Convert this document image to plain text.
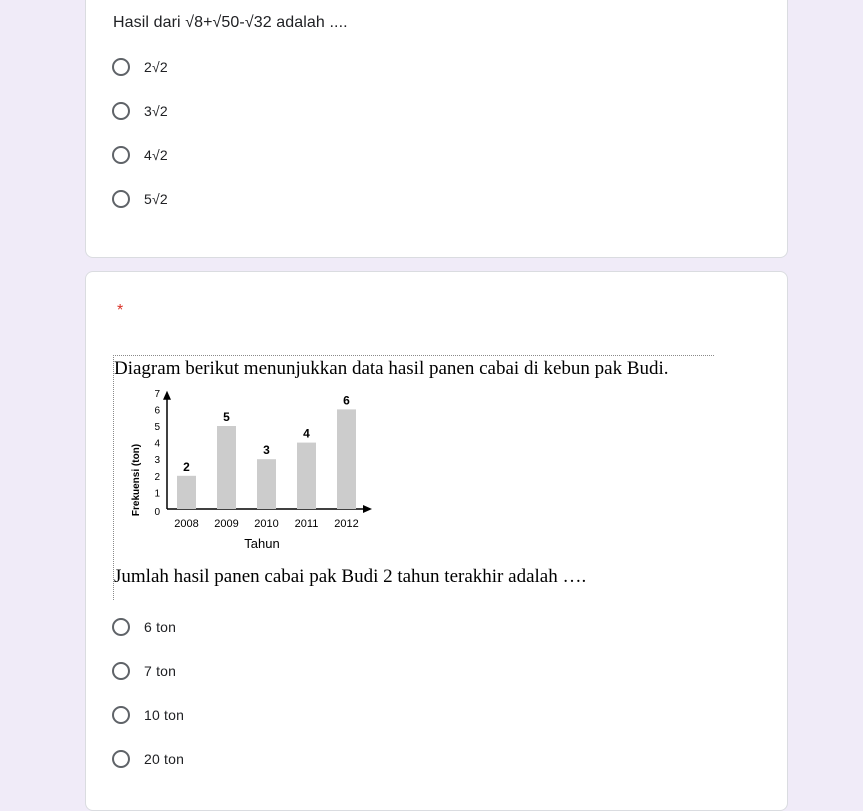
Hasil dari √8+√50-√32 adalah ....
2√2
3√2
4√2
5√2
*
Diagram berikut menunjukkan data hasil panen cabai di kebun pak Budi.
0
1
2
3
4
5
6
7
2
2008
5
2009
3
2010
4
2011
6
2012
Frekuensi (ton)
Tahun
Jumlah hasil panen cabai pak Budi 2 tahun terakhir adalah ….
6 ton
7 ton
10 ton
20 ton
